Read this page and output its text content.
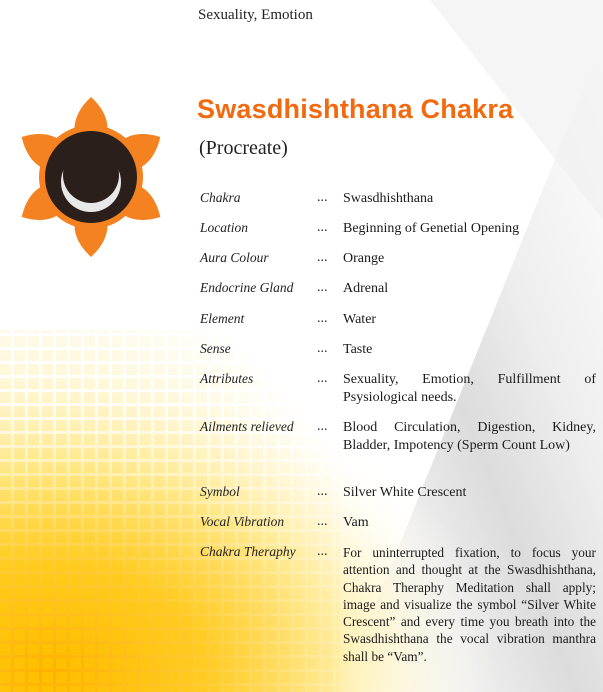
Sexuality, Emotion
Swasdhishthana Chakra
(Procreate)
Chakra	... Swasdhishthana
Location	... Beginning of Genetial Opening
Aura Colour	... Orange
Endocrine Gland ... Adrenal
Element	... Water
Sense	... Taste
Attributes	... Sexuality, Emotion, Fulfillment of Psysiological needs.
Ailments relieved ... Blood Circulation, Digestion, Kidney, Bladder, Impotency (Sperm Count Low)
Symbol	... Silver White Crescent
Vocal Vibration ... Vam
Chakra Theraphy ... For uninterrupted fixation, to focus your attention and thought at the Swasdhishthana, Chakra Theraphy Meditation shall apply; image and visualize the symbol “Silver White Crescent” and every time you breath into the Swasdhishthana the vocal vibration manthra shall be “Vam”.
